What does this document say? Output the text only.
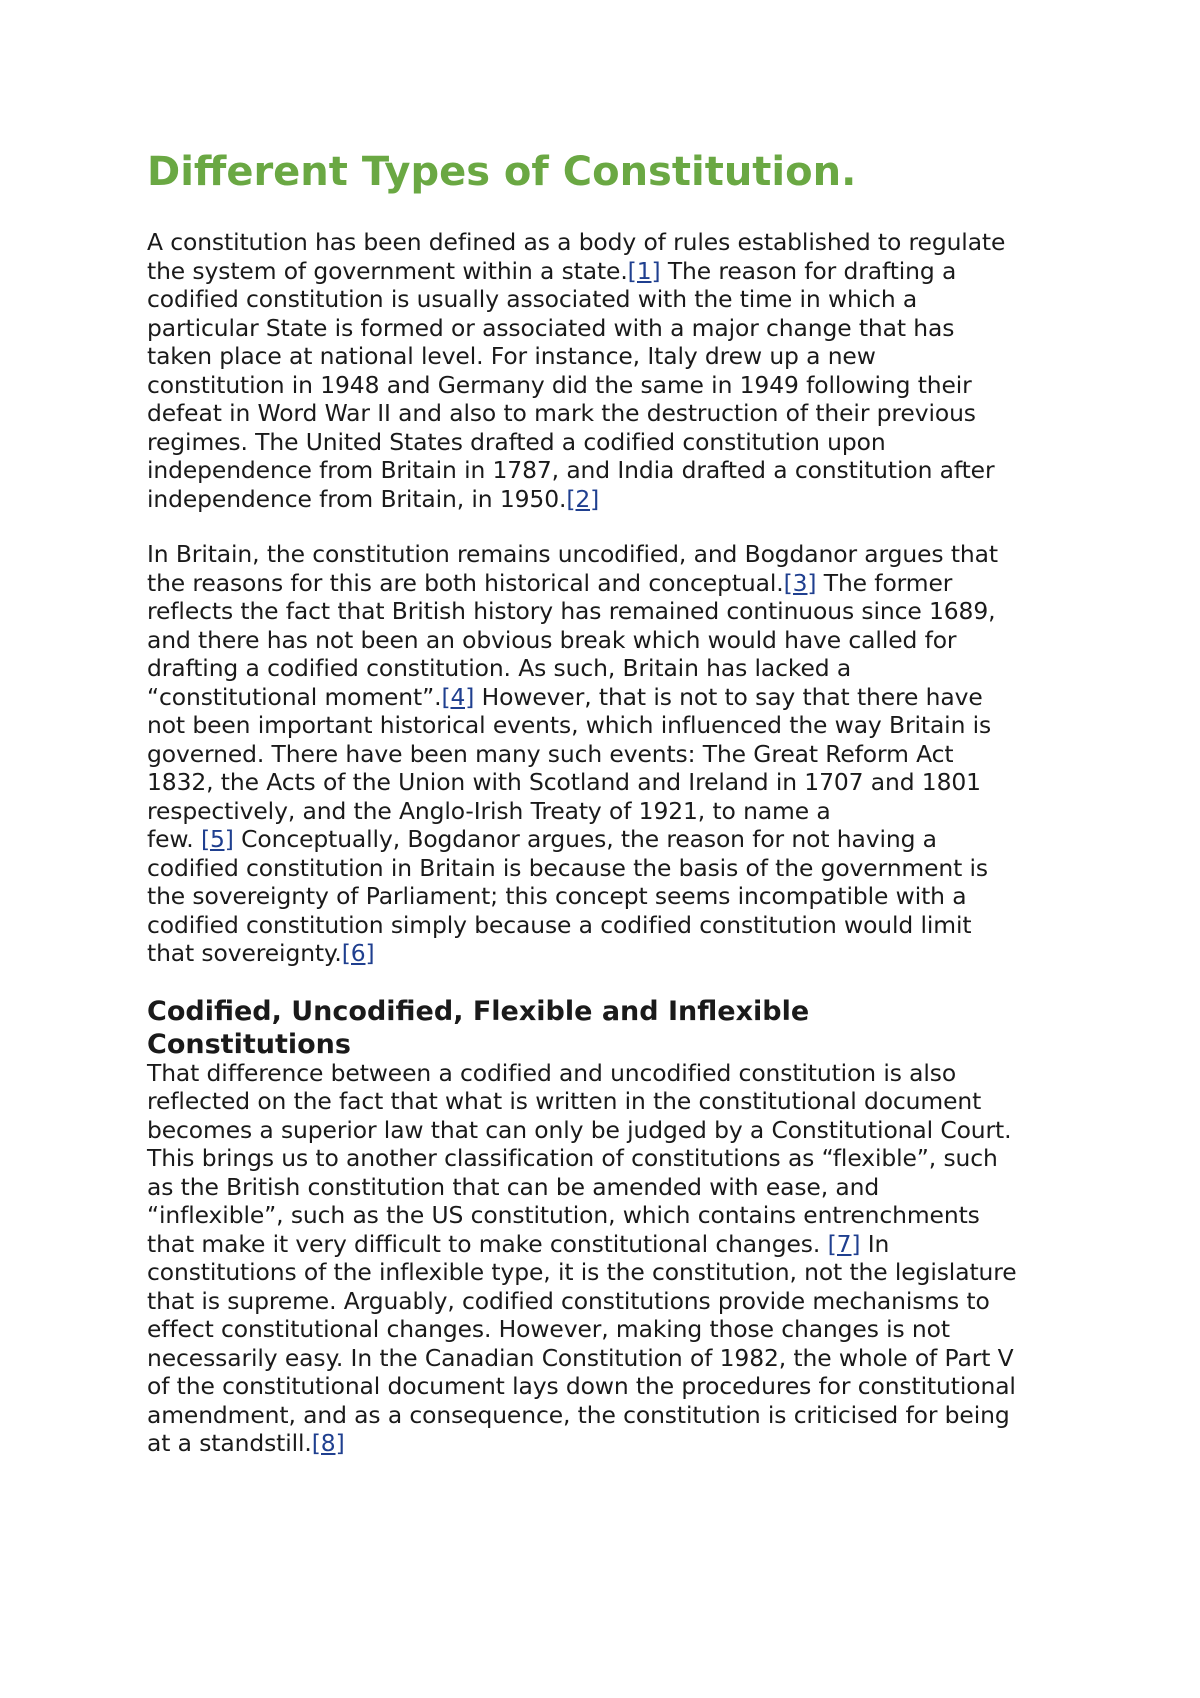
Different Types of Constitution.

A constitution has been defined as a body of rules established to regulate
the system of government within a state.[1] The reason for drafting a
codified constitution is usually associated with the time in which a
particular State is formed or associated with a major change that has
taken place at national level. For instance, Italy drew up a new
constitution in 1948 and Germany did the same in 1949 following their
defeat in Word War II and also to mark the destruction of their previous
regimes. The United States drafted a codified constitution upon
independence from Britain in 1787, and India drafted a constitution after
independence from Britain, in 1950.[2]

In Britain, the constitution remains uncodified, and Bogdanor argues that
the reasons for this are both historical and conceptual.[3] The former
reflects the fact that British history has remained continuous since 1689,
and there has not been an obvious break which would have called for
drafting a codified constitution. As such, Britain has lacked a
“constitutional moment”.[4] However, that is not to say that there have
not been important historical events, which influenced the way Britain is
governed. There have been many such events: The Great Reform Act
1832, the Acts of the Union with Scotland and Ireland in 1707 and 1801
respectively, and the Anglo-Irish Treaty of 1921, to name a
few. [5] Conceptually, Bogdanor argues, the reason for not having a
codified constitution in Britain is because the basis of the government is
the sovereignty of Parliament; this concept seems incompatible with a
codified constitution simply because a codified constitution would limit
that sovereignty.[6]

Codified, Uncodified, Flexible and Inflexible
Constitutions

That difference between a codified and uncodified constitution is also
reflected on the fact that what is written in the constitutional document
becomes a superior law that can only be judged by a Constitutional Court.
This brings us to another classification of constitutions as “flexible”, such
as the British constitution that can be amended with ease, and
“inflexible”, such as the US constitution, which contains entrenchments
that make it very difficult to make constitutional changes. [7] In
constitutions of the inflexible type, it is the constitution, not the legislature
that is supreme. Arguably, codified constitutions provide mechanisms to
effect constitutional changes. However, making those changes is not
necessarily easy. In the Canadian Constitution of 1982, the whole of Part V
of the constitutional document lays down the procedures for constitutional
amendment, and as a consequence, the constitution is criticised for being
at a standstill.[8]
